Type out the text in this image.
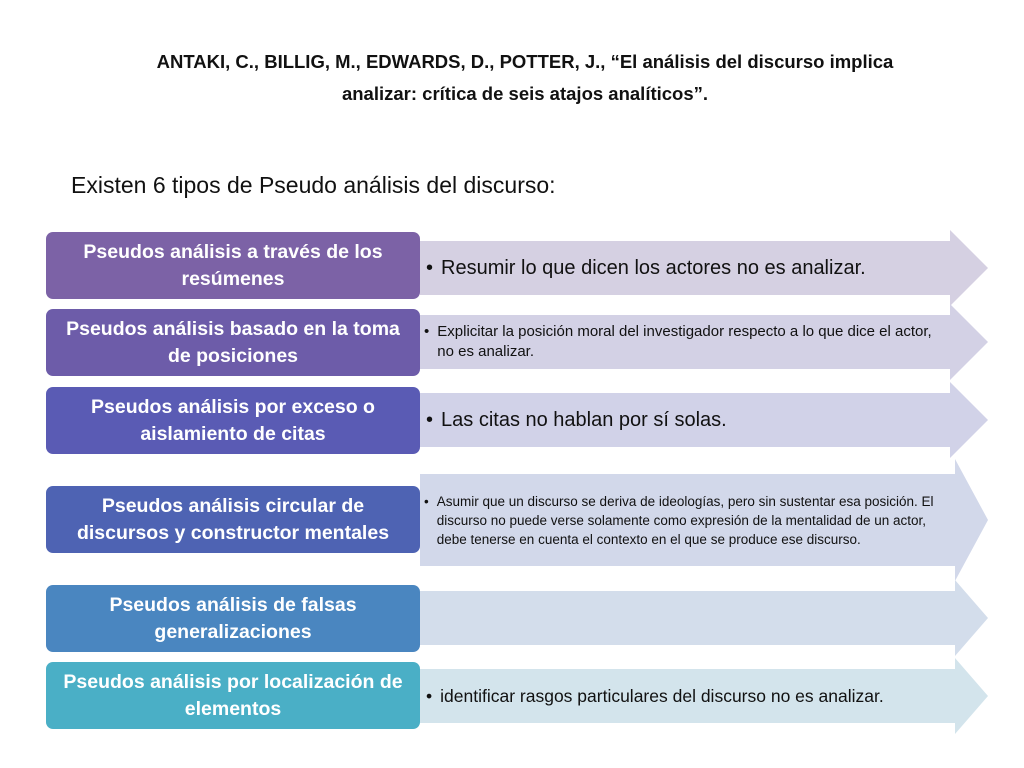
ANTAKI, C., BILLIG, M., EDWARDS, D., POTTER, J., “El análisis del discurso implica
analizar: crítica de seis atajos analíticos”.
Existen 6 tipos de Pseudo análisis del discurso:
Pseudos análisis a través de los resúmenes	• Resumir lo que dicen los actores no es analizar.
Pseudos análisis basado en la toma de posiciones
• Explicitar la posición moral del investigador respecto a lo que dice el actor, no es analizar.
Pseudos análisis por exceso o aislamiento de citas
• Las citas no hablan por sí solas.
Pseudos análisis circular de discursos y constructor mentales
• Asumir que un discurso se deriva de ideologías, pero sin sustentar esa posición. El discurso no puede verse solamente como expresión de la mentalidad de un actor, debe tenerse en cuenta el contexto en el que se produce ese discurso.
Pseudos análisis de falsas generalizaciones
Pseudos análisis por localización de elementos
• identificar rasgos particulares del discurso no es analizar.
